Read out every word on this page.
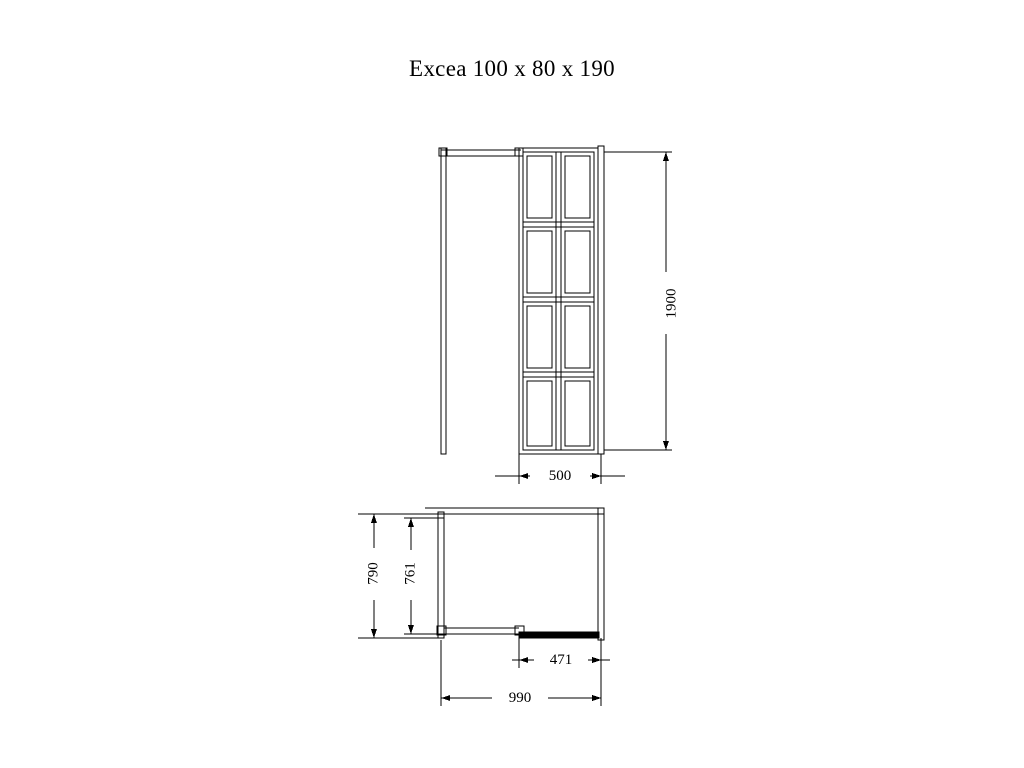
Excea 100 x 80 x 190
1900
500
790 761
471
990
